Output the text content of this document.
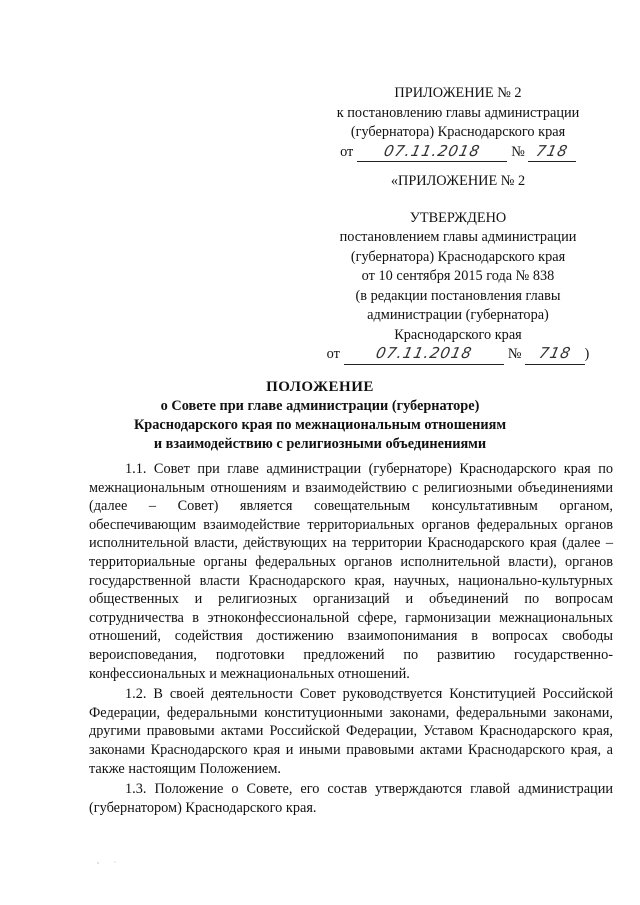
ПРИЛОЖЕНИЕ № 2
к постановлению главы администрации
(губернатора) Краснодарского края
от 07.11.2018 № 718
«ПРИЛОЖЕНИЕ № 2
УТВЕРЖДЕНО
постановлением главы администрации
(губернатора) Краснодарского края
от 10 сентября 2015 года № 838
(в редакции постановления главы
администрации (губернатора)
Краснодарского края
от 07.11.2018 № 718 )
ПОЛОЖЕНИЕ
о Совете при главе администрации (губернаторе)
Краснодарского края по межнациональным отношениям
и взаимодействию с религиозными объединениями

1.1. Совет при главе администрации (губернаторе) Краснодарского края по межнациональным отношениям и взаимодействию с религиозными объединениями (далее – Совет) является совещательным консультативным органом, обеспечивающим взаимодействие территориальных органов федеральных органов исполнительной власти, действующих на территории Краснодарского края (далее – территориальные органы федеральных органов исполнительной власти), органов государственной власти Краснодарского края, научных, национально-культурных общественных и религиозных организаций и объединений по вопросам сотрудничества в этноконфессиональной сфере, гармонизации межнациональных отношений, содействия достижению взаимопонимания в вопросах свободы вероисповедания, подготовки предложений по развитию государственно-конфессиональных и межнациональных отношений.

1.2. В своей деятельности Совет руководствуется Конституцией Российской Федерации, федеральными конституционными законами, федеральными законами, другими правовыми актами Российской Федерации, Уставом Краснодарского края, законами Краснодарского края и иными правовыми актами Краснодарского края, а также настоящим Положением.

1.3. Положение о Совете, его состав утверждаются главой администрации (губернатором) Краснодарского края.
